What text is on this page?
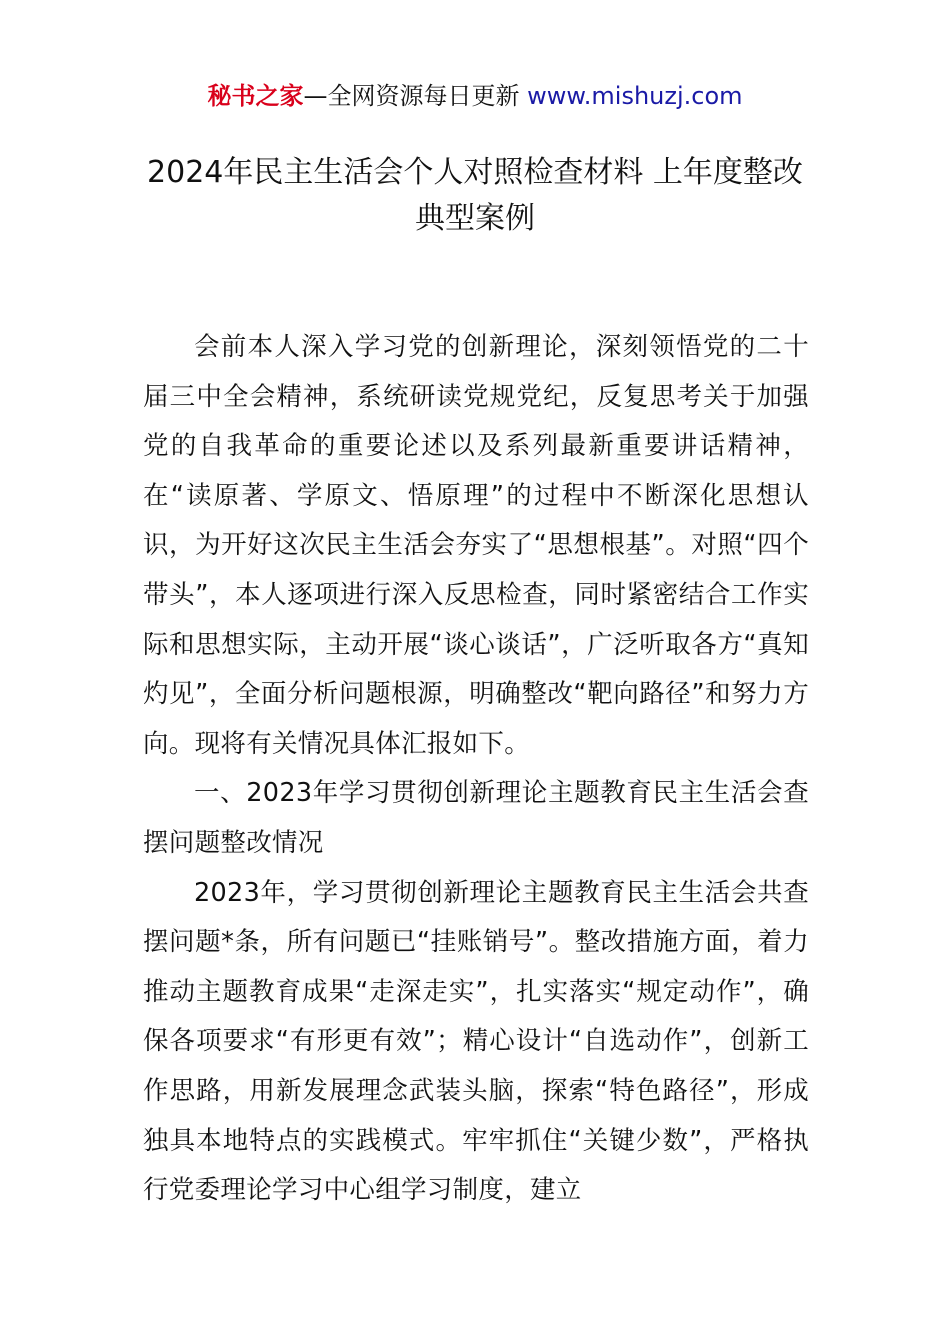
秘书之家—全网资源每日更新 www.mishuzj.com
2024年民主生活会个人对照检查材料 上年度整改 典型案例

会前本人深入学习党的创新理论，深刻领悟党的二十届三中全会精神，系统研读党规党纪，反复思考关于加强党的自我革命的重要论述以及系列最新重要讲话精神，在“读原著、学原文、悟原理”的过程中不断深化思想认识，为开好这次民主生活会夯实了“思想根基”。对照“四个带头”，本人逐项进行深入反思检查，同时紧密结合工作实际和思想实际，主动开展“谈心谈话”，广泛听取各方“真知灼见”，全面分析问题根源，明确整改“靶向路径”和努力方向。现将有关情况具体汇报如下。

一、2023年学习贯彻创新理论主题教育民主生活会查摆问题整改情况

2023年，学习贯彻创新理论主题教育民主生活会共查摆问题*条，所有问题已“挂账销号”。整改措施方面，着力推动主题教育成果“走深走实”，扎实落实“规定动作”，确保各项要求“有形更有效”；精心设计“自选动作”，创新工作思路，用新发展理念武装头脑，探索“特色路径”，形成独具本地特点的实践模式。牢牢抓住“关键少数”，严格执行党委理论学习中心组学习制度，建立
